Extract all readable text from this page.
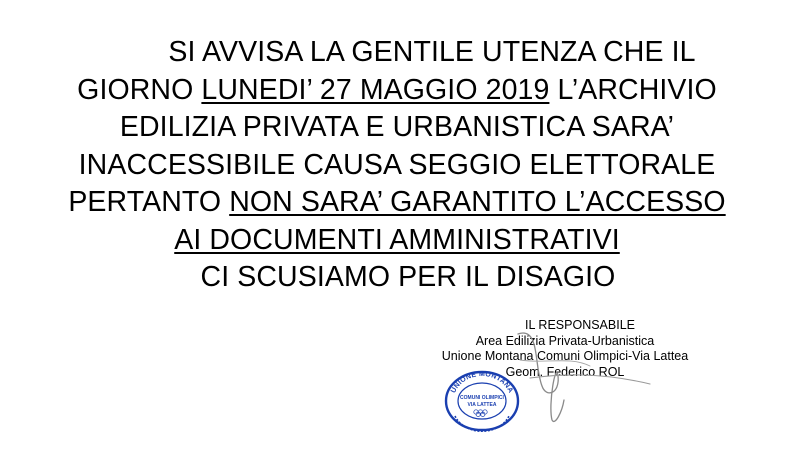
SI AVVISA LA GENTILE UTENZA CHE IL
GIORNO LUNEDI’ 27 MAGGIO 2019 L’ARCHIVIO
EDILIZIA PRIVATA E URBANISTICA SARA’
INACCESSIBILE CAUSA SEGGIO ELETTORALE
PERTANTO NON SARA’ GARANTITO L’ACCESSO
AI DOCUMENTI AMMINISTRATIVI
CI SCUSIAMO PER IL DISAGIO
IL RESPONSABILE
Area Edilizia Privata-Urbanistica
Unione Montana Comuni Olimpici-Via Lattea
Geom. Federico ROL
UNIONE MONTANA
COMUNI OLIMPICI
VIA LATTEA
